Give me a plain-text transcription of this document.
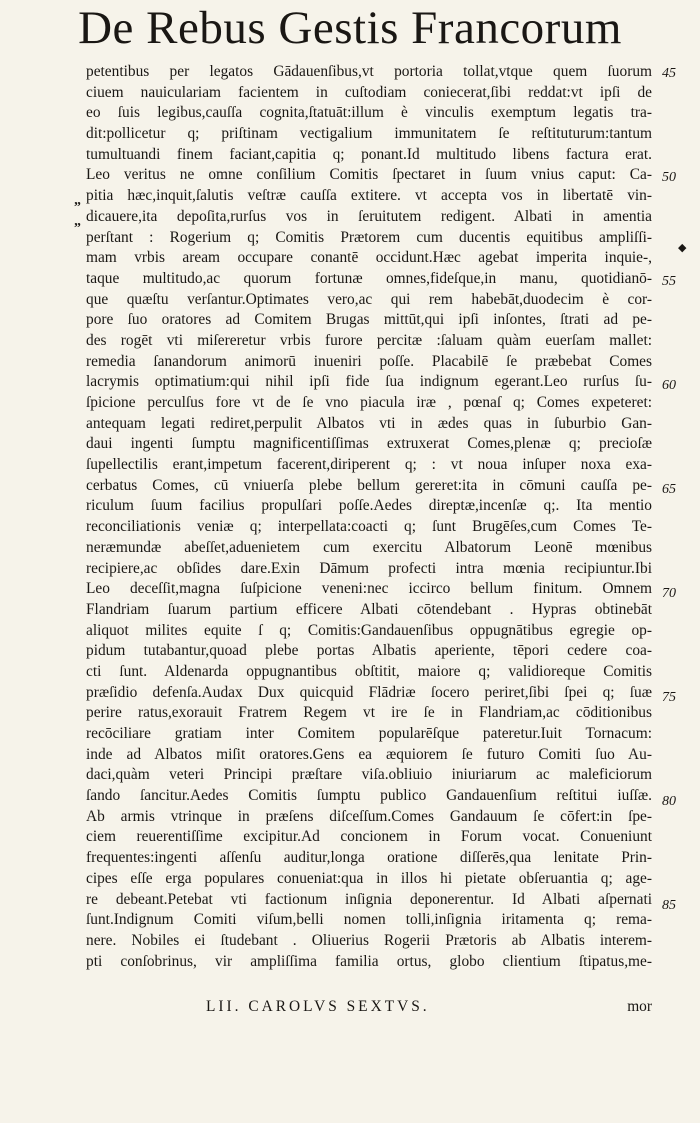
De Rebus Gestis Francorum
petentibus per legatos Gādauenſibus,vt portoria tollat,vtque quem ſuorum
ciuem nauiculariam facientem in cuſtodiam coniecerat,ſibi reddat:vt ipſi de
eo ſuis legibus,cauſſa cognita,ſtatuāt:illum è vinculis exemptum legatis tra-
dit:pollicetur q; priſtinam vectigalium immunitatem ſe reſtituturum:tantum
tumultuandi finem faciant,capitia q; ponant.Id multitudo libens factura erat.
Leo veritus ne omne conſilium Comitis ſpectaret in ſuum vnius caput: Ca-
pitia hæc,inquit,ſalutis veſtræ cauſſa extitere. vt accepta vos in libertatē vin-
dicauere,ita depoſita,rurſus vos in ſeruitutem redigent. Albati in amentia
perſtant : Rogerium q; Comitis Prætorem cum ducentis equitibus ampliſſi-
mam vrbis aream occupare conantē occidunt.Hæc agebat imperita inquie-,
taque multitudo,ac quorum fortunæ omnes,fideſque,in manu, quotidianō-
que quæſtu verſantur.Optimates vero,ac qui rem habebāt,duodecim è cor-
pore ſuo oratores ad Comitem Brugas mittūt,qui ipſi inſontes, ſtrati ad pe-
des rogēt vti miſereretur vrbis furore percitæ :ſaluam quàm euerſam mallet:
remedia ſanandorum animorū inueniri poſſe. Placabilē ſe præbebat Comes
lacrymis optimatium:qui nihil ipſi fide ſua indignum egerant.Leo rurſus ſu-
ſpicione perculſus fore vt de ſe vno piacula iræ , pœnaſ q; Comes expeteret:
antequam legati rediret,perpulit Albatos vti in ædes quas in ſuburbio Gan-
daui ingenti ſumptu magnificentiſſimas extruxerat Comes,plenæ q; precioſæ
ſupellectilis erant,impetum facerent,diriperent q; : vt noua inſuper noxa exa-
cerbatus Comes, cū vniuerſa plebe bellum gereret:ita in cōmuni cauſſa pe-
riculum ſuum facilius propulſari poſſe.Aedes direptæ,incenſæ q;. Ita mentio
reconciliationis veniæ q; interpellata:coacti q; ſunt Brugēſes,cum Comes Te-
neræmundæ abeſſet,aduenietem cum exercitu Albatorum Leonē mœnibus
recipiere,ac obſides dare.Exin Dāmum profecti intra mœnia recipiuntur.Ibi
Leo deceſſit,magna ſuſpicione veneni:nec iccirco bellum finitum. Omnem
Flandriam ſuarum partium efficere Albati cōtendebant . Hypras obtinebāt
aliquot milites equite ſ q; Comitis:Gandauenſibus oppugnātibus egregie op-
pidum tutabantur,quoad plebe portas Albatis aperiente, tēpori cedere coa-
cti ſunt. Aldenarda oppugnantibus obſtitit, maiore q; validioreque Comitis
præſidio defenſa.Audax Dux quicquid Flādriæ ſocero periret,ſibi ſpei q; ſuæ
perire ratus,exorauit Fratrem Regem vt ire ſe in Flandriam,ac cōditionibus
recōciliare gratiam inter Comitem popularēſque pateretur.Iuit Tornacum:
inde ad Albatos miſit oratores.Gens ea æquiorem ſe futuro Comiti ſuo Au-
daci,quàm veteri Principi præſtare viſa.obliuio iniuriarum ac maleficiorum
ſando ſancitur.Aedes Comitis ſumptu publico Gandauenſium reſtitui iuſſæ.
Ab armis vtrinque in præſens diſceſſum.Comes Gandauum ſe cōfert:in ſpe-
ciem reuerentiſſime excipitur.Ad concionem in Forum vocat. Conueniunt
frequentes:ingenti aſſenſu auditur,longa oratione diſſerēs,qua lenitate Prin-
cipes eſſe erga populares conueniat:qua in illos hi pietate obſeruantia q; age-
re debeant.Petebat vti factionum inſignia deponerentur. Id Albati aſpernati
ſunt.Indignum Comiti viſum,belli nomen tolli,inſignia iritamenta q; rema-
nere. Nobiles ei ſtudebant . Oliuerius Rogerii Prætoris ab Albatis interem-
pti conſobrinus, vir ampliſſima familia ortus, globo clientium ſtipatus,me-
„
„
45
50
55
60
65
70
75
80
85
◆
LII. CAROLVS SEXTVS.	mor
